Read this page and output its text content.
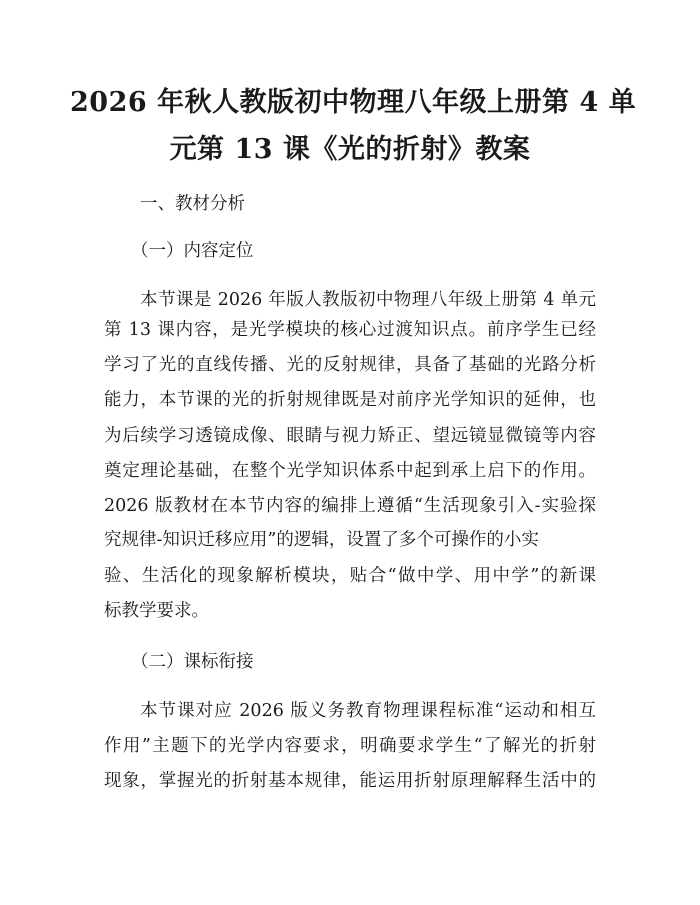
2026 年秋人教版初中物理八年级上册第 4 单
元第 13 课《光的折射》教案
一、教材分析
（一）内容定位
本节课是 2026 年版人教版初中物理八年级上册第 4 单元
第 13 课内容，是光学模块的核心过渡知识点。前序学生已经
学习了光的直线传播、光的反射规律，具备了基础的光路分析
能力，本节课的光的折射规律既是对前序光学知识的延伸，也
为后续学习透镜成像、眼睛与视力矫正、望远镜显微镜等内容
奠定理论基础，在整个光学知识体系中起到承上启下的作用。
2026 版教材在本节内容的编排上遵循“生活现象引入-实验探
究规律-知识迁移应用”的逻辑，设置了多个可操作的小实
验、生活化的现象解析模块，贴合“做中学、用中学”的新课
标教学要求。
（二）课标衔接
本节课对应 2026 版义务教育物理课程标准“运动和相互
作用”主题下的光学内容要求，明确要求学生“了解光的折射
现象，掌握光的折射基本规律，能运用折射原理解释生活中的
